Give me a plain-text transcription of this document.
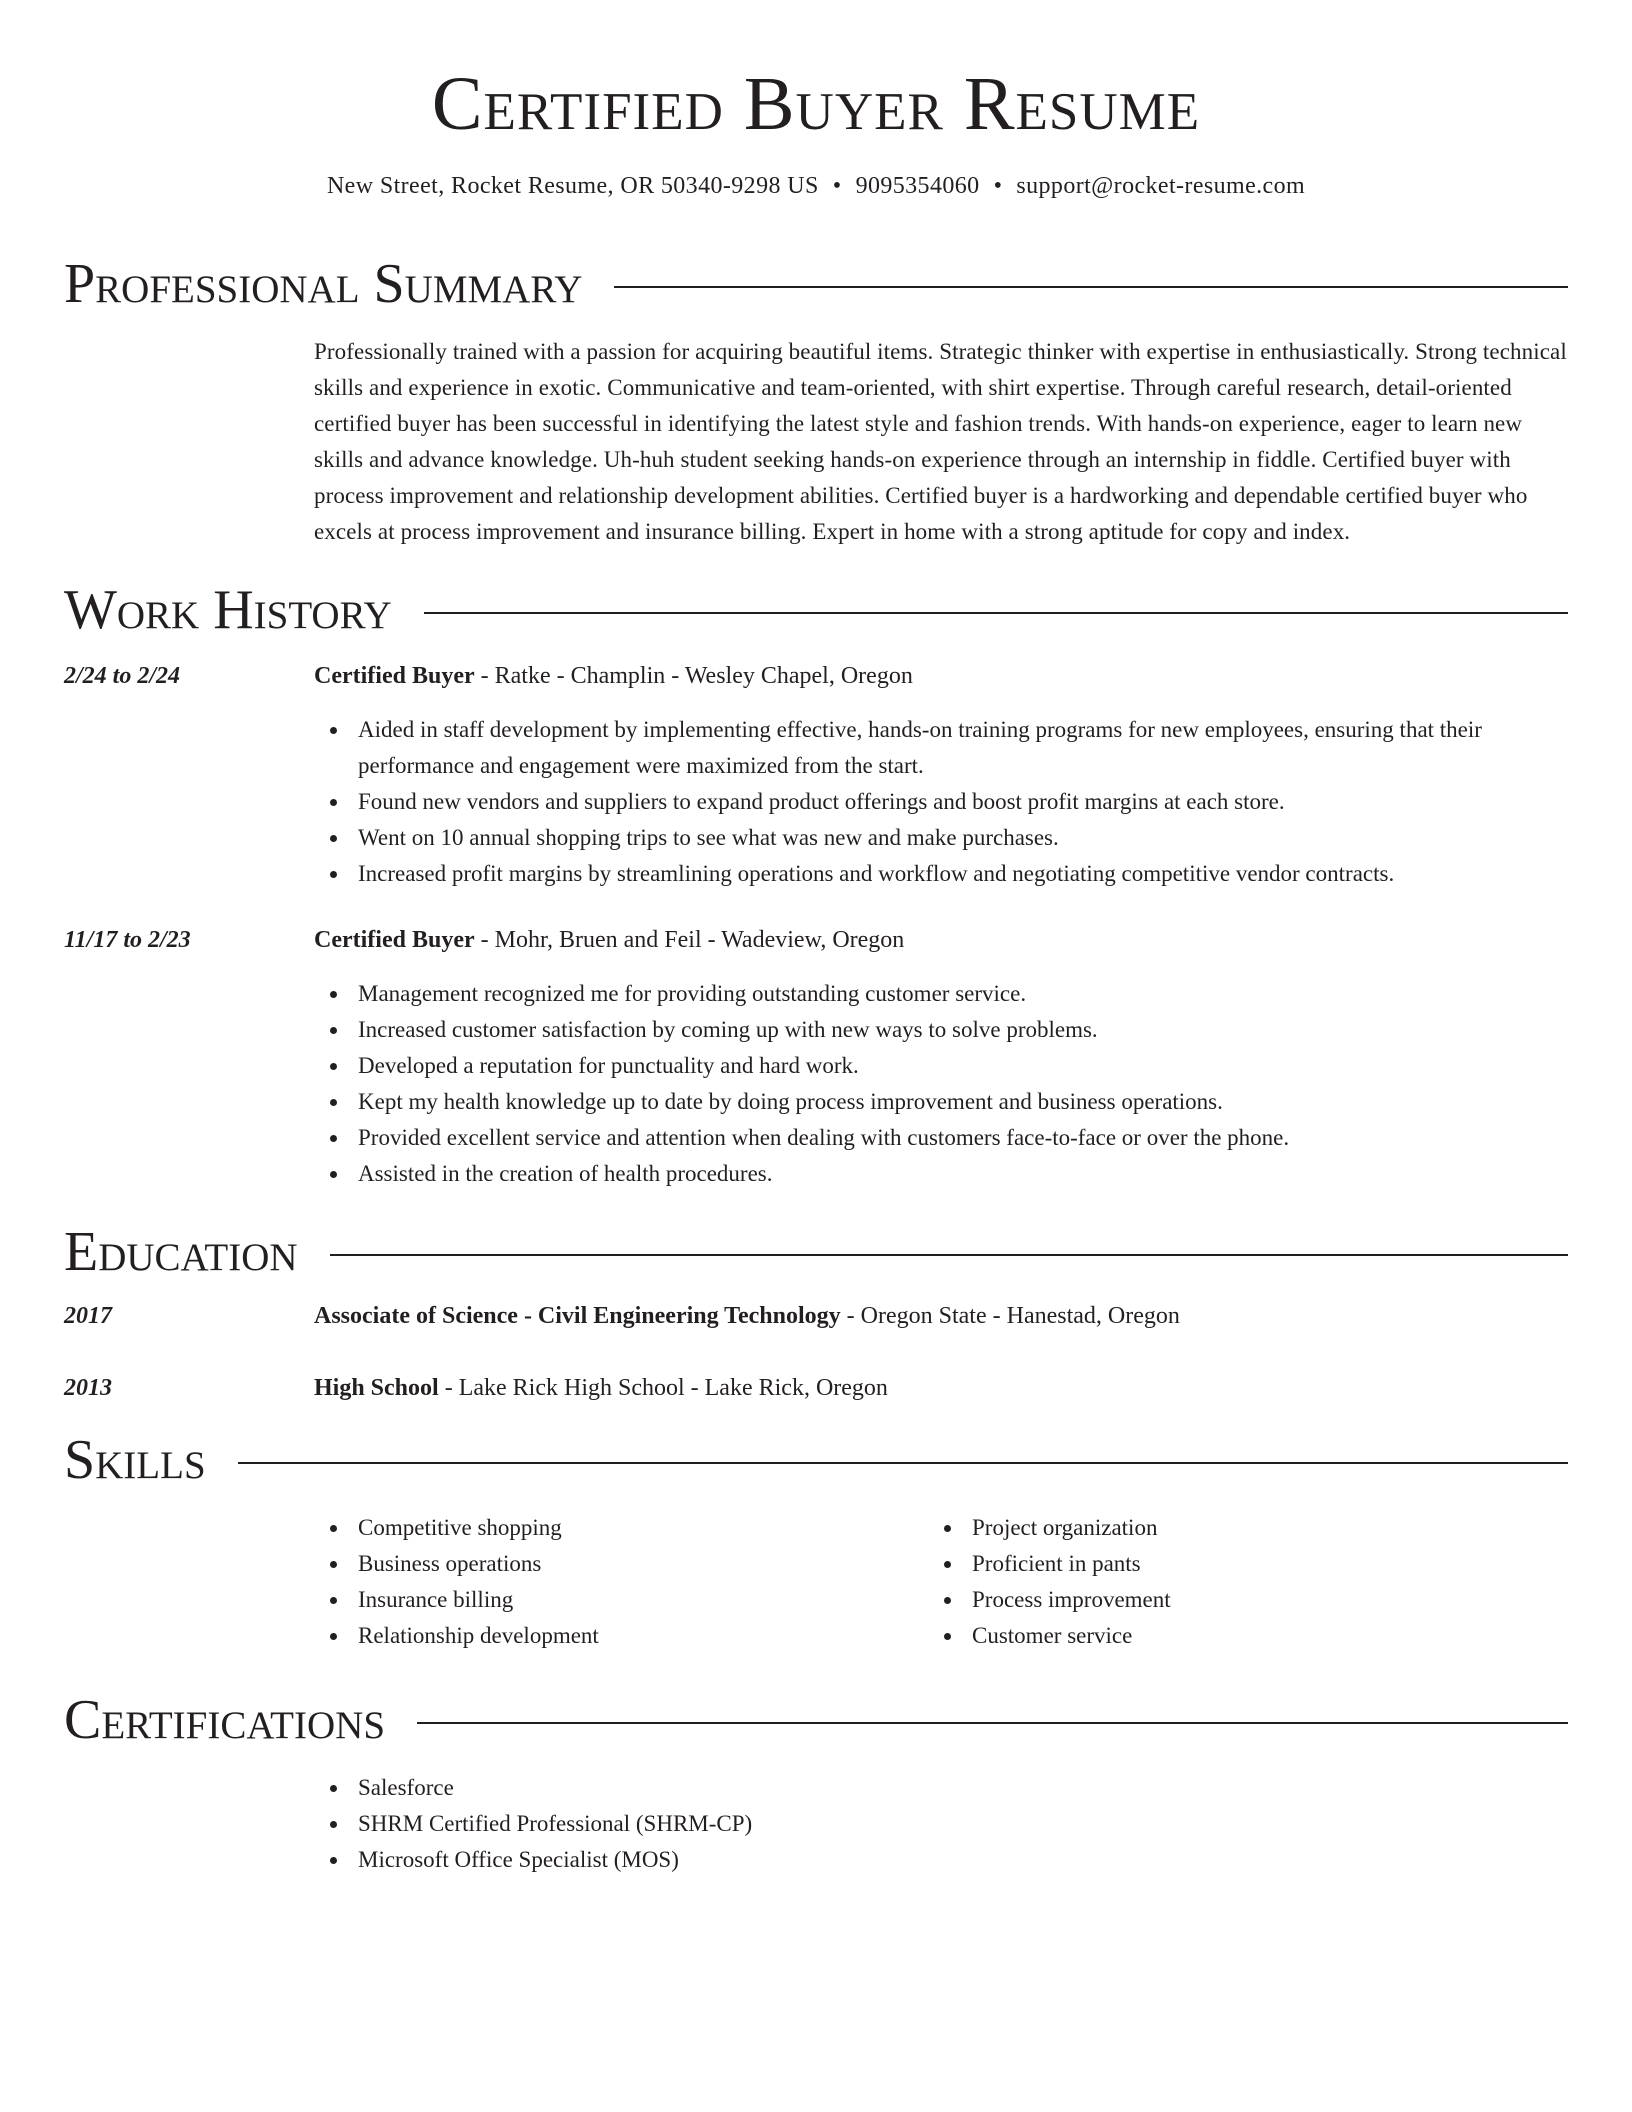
Certified Buyer Resume
New Street, Rocket Resume, OR 50340-9298 US • 9095354060 • support@rocket-resume.com
Professional Summary
Professionally trained with a passion for acquiring beautiful items. Strategic thinker with expertise in enthusiastically. Strong technical skills and experience in exotic. Communicative and team-oriented, with shirt expertise. Through careful research, detail-oriented certified buyer has been successful in identifying the latest style and fashion trends. With hands-on experience, eager to learn new skills and advance knowledge. Uh-huh student seeking hands-on experience through an internship in fiddle. Certified buyer with process improvement and relationship development abilities. Certified buyer is a hardworking and dependable certified buyer who excels at process improvement and insurance billing. Expert in home with a strong aptitude for copy and index.
Work History
2/24 to 2/24	Certified Buyer - Ratke - Champlin - Wesley Chapel, Oregon
Aided in staff development by implementing effective, hands-on training programs for new employees, ensuring that their performance and engagement were maximized from the start.
Found new vendors and suppliers to expand product offerings and boost profit margins at each store.
Went on 10 annual shopping trips to see what was new and make purchases.
Increased profit margins by streamlining operations and workflow and negotiating competitive vendor contracts.
11/17 to 2/23	Certified Buyer - Mohr, Bruen and Feil - Wadeview, Oregon
Management recognized me for providing outstanding customer service.
Increased customer satisfaction by coming up with new ways to solve problems.
Developed a reputation for punctuality and hard work.
Kept my health knowledge up to date by doing process improvement and business operations.
Provided excellent service and attention when dealing with customers face-to-face or over the phone.
Assisted in the creation of health procedures.
Education
2017	Associate of Science - Civil Engineering Technology - Oregon State - Hanestad, Oregon
2013	High School - Lake Rick High School - Lake Rick, Oregon
Skills
Competitive shopping
Business operations
Insurance billing
Relationship development
Project organization
Proficient in pants
Process improvement
Customer service
Certifications
Salesforce
SHRM Certified Professional (SHRM-CP)
Microsoft Office Specialist (MOS)
